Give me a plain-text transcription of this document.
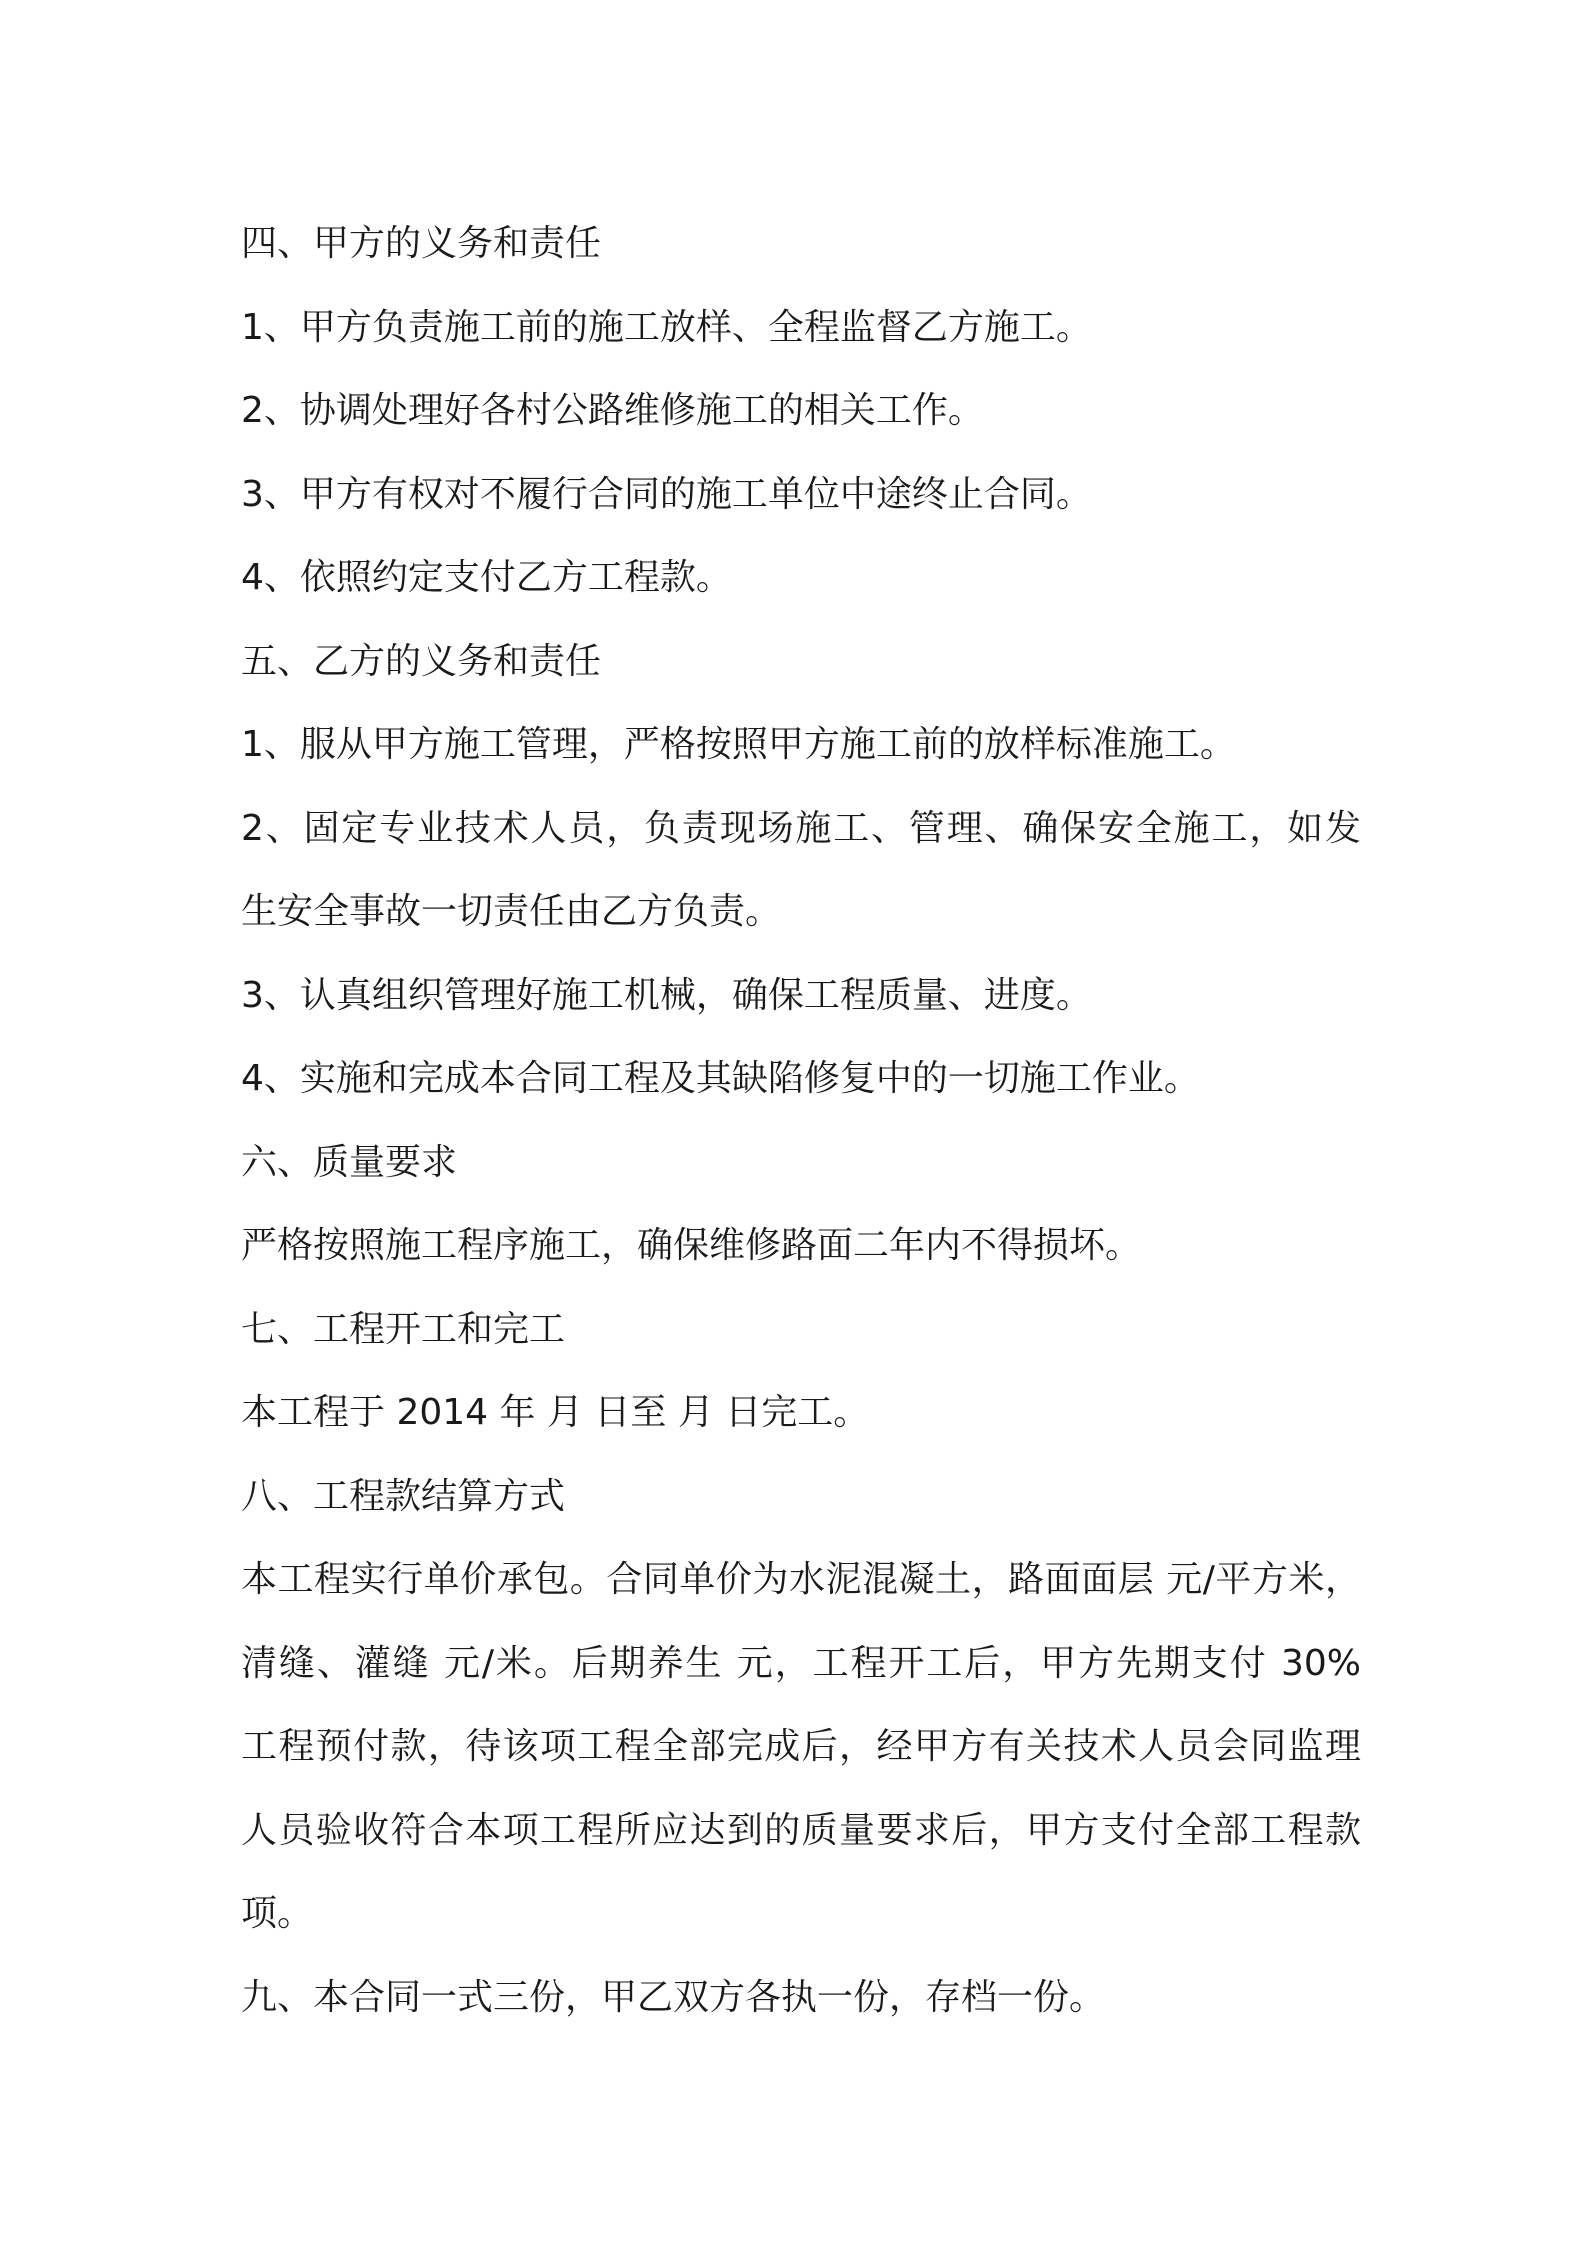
四、甲方的义务和责任

1、甲方负责施工前的施工放样、全程监督乙方施工。

2、协调处理好各村公路维修施工的相关工作。

3、甲方有权对不履行合同的施工单位中途终止合同。

4、依照约定支付乙方工程款。

五、乙方的义务和责任

1、服从甲方施工管理，严格按照甲方施工前的放样标准施工。

2、固定专业技术人员，负责现场施工、管理、确保安全施工，如发

生安全事故一切责任由乙方负责。

3、认真组织管理好施工机械，确保工程质量、进度。

4、实施和完成本合同工程及其缺陷修复中的一切施工作业。

六、质量要求

严格按照施工程序施工，确保维修路面二年内不得损坏。

七、工程开工和完工

本工程于 2014 年 月 日至 月 日完工。

八、工程款结算方式

本工程实行单价承包。合同单价为水泥混凝土，路面面层 元/平方米，

清缝、灌缝 元/米。后期养生 元，工程开工后，甲方先期支付 30%

工程预付款，待该项工程全部完成后，经甲方有关技术人员会同监理

人员验收符合本项工程所应达到的质量要求后，甲方支付全部工程款

项。

九、本合同一式三份，甲乙双方各执一份，存档一份。
